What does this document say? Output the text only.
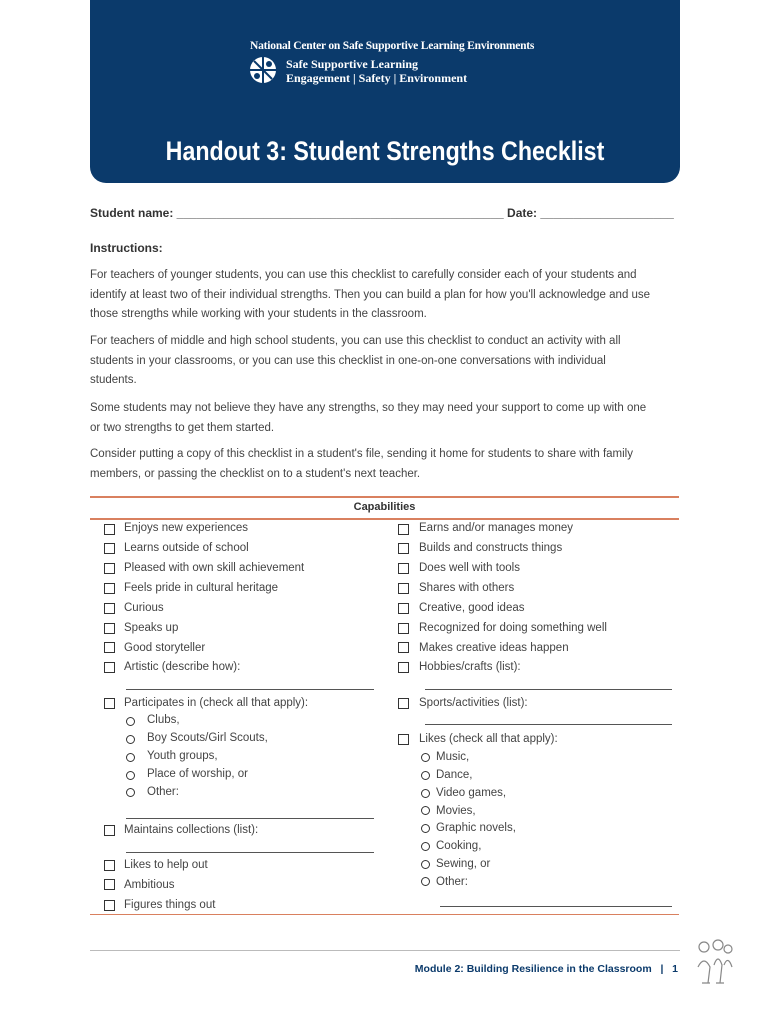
National Center on Safe Supportive Learning Environments
Safe Supportive Learning
Engagement | Safety | Environment
Handout 3: Student Strengths Checklist
Student name: _________________________________________________ Date: ____________________
Instructions:
For teachers of younger students, you can use this checklist to carefully consider each of your students and
identify at least two of their individual strengths. Then you can build a plan for how you'll acknowledge and use
those strengths while working with your students in the classroom.
For teachers of middle and high school students, you can use this checklist to conduct an activity with all
students in your classrooms, or you can use this checklist in one-on-one conversations with individual
students.
Some students may not believe they have any strengths, so they may need your support to come up with one
or two strengths to get them started.
Consider putting a copy of this checklist in a student's file, sending it home for students to share with family
members, or passing the checklist on to a student's next teacher.
Capabilities
Enjoys new experiences
Learns outside of school
Pleased with own skill achievement
Feels pride in cultural heritage
Curious
Speaks up
Good storyteller
Artistic (describe how):
Participates in (check all that apply):
Clubs,
Boy Scouts/Girl Scouts,
Youth groups,
Place of worship, or
Other:
Maintains collections (list):
Likes to help out
Ambitious
Figures things out
Earns and/or manages money
Builds and constructs things
Does well with tools
Shares with others
Creative, good ideas
Recognized for doing something well
Makes creative ideas happen
Hobbies/crafts (list):
Sports/activities (list):
Likes (check all that apply):
Music,
Dance,
Video games,
Movies,
Graphic novels,
Cooking,
Sewing, or
Other:
Module 2: Building Resilience in the Classroom | 1
